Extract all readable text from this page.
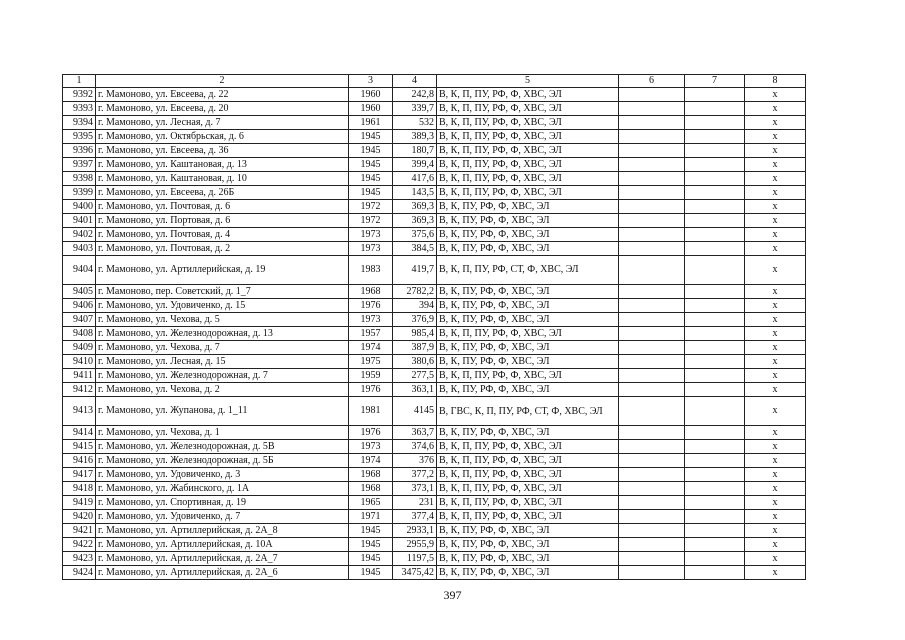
1	2	3	4	5	6	7	8
9392	г. Мамоново, ул. Евсеева, д. 22	1960	242,8	В, К, П, ПУ, РФ, Ф, ХВС, ЭЛ			x
9393	г. Мамоново, ул. Евсеева, д. 20	1960	339,7	В, К, П, ПУ, РФ, Ф, ХВС, ЭЛ			x
9394	г. Мамоново, ул. Лесная, д. 7	1961	532	В, К, П, ПУ, РФ, Ф, ХВС, ЭЛ			x
9395	г. Мамоново, ул. Октябрьская, д. 6	1945	389,3	В, К, П, ПУ, РФ, Ф, ХВС, ЭЛ			x
9396	г. Мамоново, ул. Евсеева, д. 36	1945	180,7	В, К, П, ПУ, РФ, Ф, ХВС, ЭЛ			x
9397	г. Мамоново, ул. Каштановая, д. 13	1945	399,4	В, К, П, ПУ, РФ, Ф, ХВС, ЭЛ			x
9398	г. Мамоново, ул. Каштановая, д. 10	1945	417,6	В, К, П, ПУ, РФ, Ф, ХВС, ЭЛ			x
9399	г. Мамоново, ул. Евсеева, д. 26Б	1945	143,5	В, К, П, ПУ, РФ, Ф, ХВС, ЭЛ			x
9400	г. Мамоново, ул. Почтовая, д. 6	1972	369,3	В, К, ПУ, РФ, Ф, ХВС, ЭЛ			x
9401	г. Мамоново, ул. Портовая, д. 6	1972	369,3	В, К, ПУ, РФ, Ф, ХВС, ЭЛ			x
9402	г. Мамоново, ул. Почтовая, д. 4	1973	375,6	В, К, ПУ, РФ, Ф, ХВС, ЭЛ			x
9403	г. Мамоново, ул. Почтовая, д. 2	1973	384,5	В, К, ПУ, РФ, Ф, ХВС, ЭЛ			x
9404	г. Мамоново, ул. Артиллерийская, д. 19	1983	419,7	В, К, П, ПУ, РФ, СТ, Ф, ХВС, ЭЛ			x
9405	г. Мамоново, пер. Советский, д. 1_7	1968	2782,2	В, К, ПУ, РФ, Ф, ХВС, ЭЛ			x
9406	г. Мамоново, ул. Удовиченко, д. 15	1976	394	В, К, ПУ, РФ, Ф, ХВС, ЭЛ			x
9407	г. Мамоново, ул. Чехова, д. 5	1973	376,9	В, К, ПУ, РФ, Ф, ХВС, ЭЛ			x
9408	г. Мамоново, ул. Железнодорожная, д. 13	1957	985,4	В, К, П, ПУ, РФ, Ф, ХВС, ЭЛ			x
9409	г. Мамоново, ул. Чехова, д. 7	1974	387,9	В, К, ПУ, РФ, Ф, ХВС, ЭЛ			x
9410	г. Мамоново, ул. Лесная, д. 15	1975	380,6	В, К, ПУ, РФ, Ф, ХВС, ЭЛ			x
9411	г. Мамоново, ул. Железнодорожная, д. 7	1959	277,5	В, К, П, ПУ, РФ, Ф, ХВС, ЭЛ			x
9412	г. Мамоново, ул. Чехова, д. 2	1976	363,1	В, К, ПУ, РФ, Ф, ХВС, ЭЛ			x
9413	г. Мамоново, ул. Жупанова, д. 1_11	1981	4145	В, ГВС, К, П, ПУ, РФ, СТ, Ф, ХВС, ЭЛ			x
9414	г. Мамоново, ул. Чехова, д. 1	1976	363,7	В, К, ПУ, РФ, Ф, ХВС, ЭЛ			x
9415	г. Мамоново, ул. Железнодорожная, д. 5В	1973	374,6	В, К, П, ПУ, РФ, Ф, ХВС, ЭЛ			x
9416	г. Мамоново, ул. Железнодорожная, д. 5Б	1974	376	В, К, П, ПУ, РФ, Ф, ХВС, ЭЛ			x
9417	г. Мамоново, ул. Удовиченко, д. 3	1968	377,2	В, К, П, ПУ, РФ, Ф, ХВС, ЭЛ			x
9418	г. Мамоново, ул. Жабинского, д. 1А	1968	373,1	В, К, П, ПУ, РФ, Ф, ХВС, ЭЛ			x
9419	г. Мамоново, ул. Спортивная, д. 19	1965	231	В, К, П, ПУ, РФ, Ф, ХВС, ЭЛ			x
9420	г. Мамоново, ул. Удовиченко, д. 7	1971	377,4	В, К, П, ПУ, РФ, Ф, ХВС, ЭЛ			x
9421	г. Мамоново, ул. Артиллерийская, д. 2А_8	1945	2933,1	В, К, ПУ, РФ, Ф, ХВС, ЭЛ			x
9422	г. Мамоново, ул. Артиллерийская, д. 10А	1945	2955,9	В, К, ПУ, РФ, Ф, ХВС, ЭЛ			x
9423	г. Мамоново, ул. Артиллерийская, д. 2А_7	1945	1197,5	В, К, ПУ, РФ, Ф, ХВС, ЭЛ			x
9424	г. Мамоново, ул. Артиллерийская, д. 2А_6	1945	3475,42	В, К, ПУ, РФ, Ф, ХВС, ЭЛ			x
397
